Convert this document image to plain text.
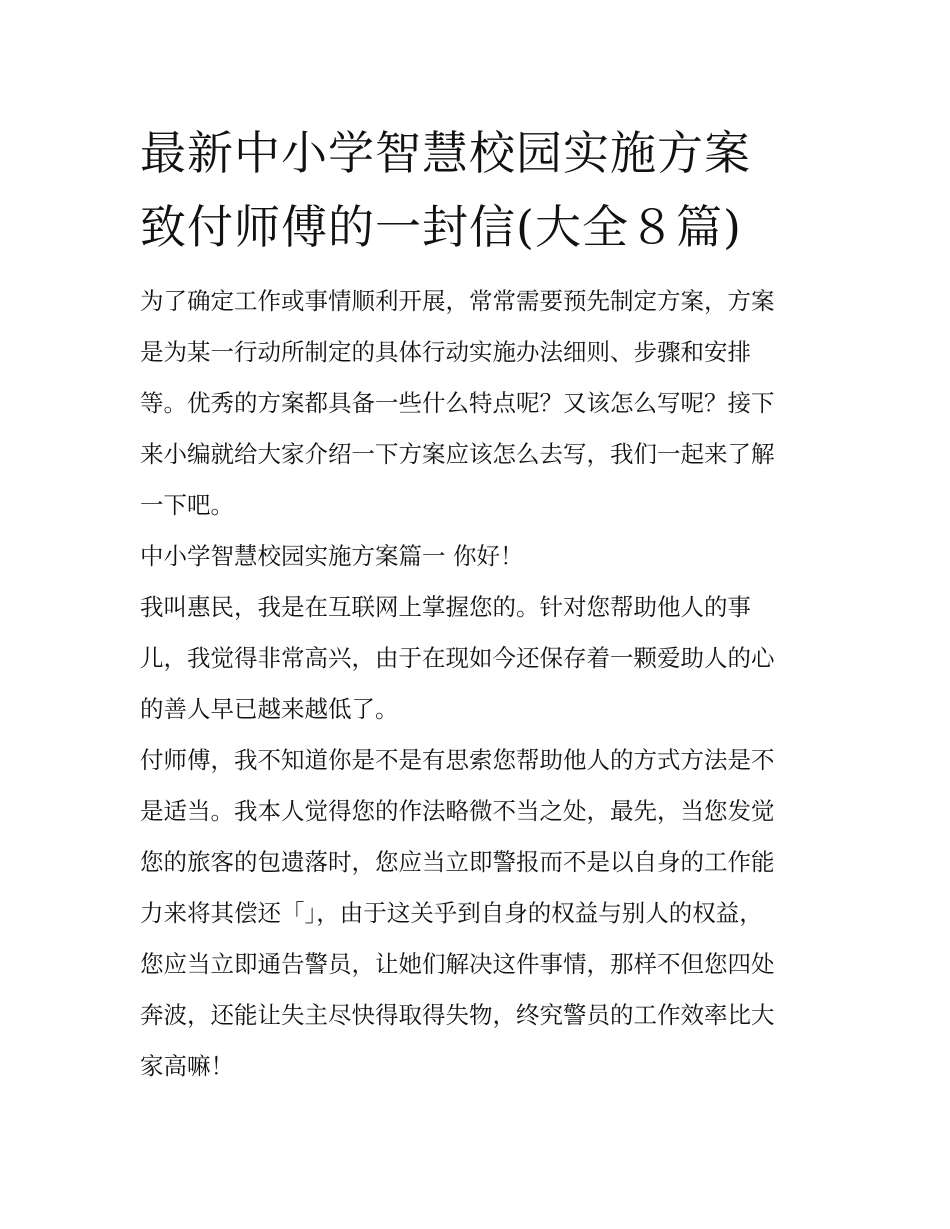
最新中小学智慧校园实施方案
致付师傅的一封信(大全８篇)

为了确定工作或事情顺利开展，常常需要预先制定方案，方案
是为某一行动所制定的具体行动实施办法细则、步骤和安排
等。优秀的方案都具备一些什么特点呢？又该怎么写呢？接下
来小编就给大家介绍一下方案应该怎么去写，我们一起来了解
一下吧。

中小学智慧校园实施方案篇一 你好！

我叫惠民，我是在互联网上掌握您的。针对您帮助他人的事
儿，我觉得非常高兴，由于在现如今还保存着一颗爱助人的心
的善人早已越来越低了。

付师傅，我不知道你是不是有思索您帮助他人的方式方法是不
是适当。我本人觉得您的作法略微不当之处，最先，当您发觉
您的旅客的包遗落时，您应当立即警报而不是以自身的工作能
力来将其偿还「」，由于这关乎到自身的权益与别人的权益，
您应当立即通告警员，让她们解决这件事情，那样不但您四处
奔波，还能让失主尽快得取得失物，终究警员的工作效率比大
家高嘛！
